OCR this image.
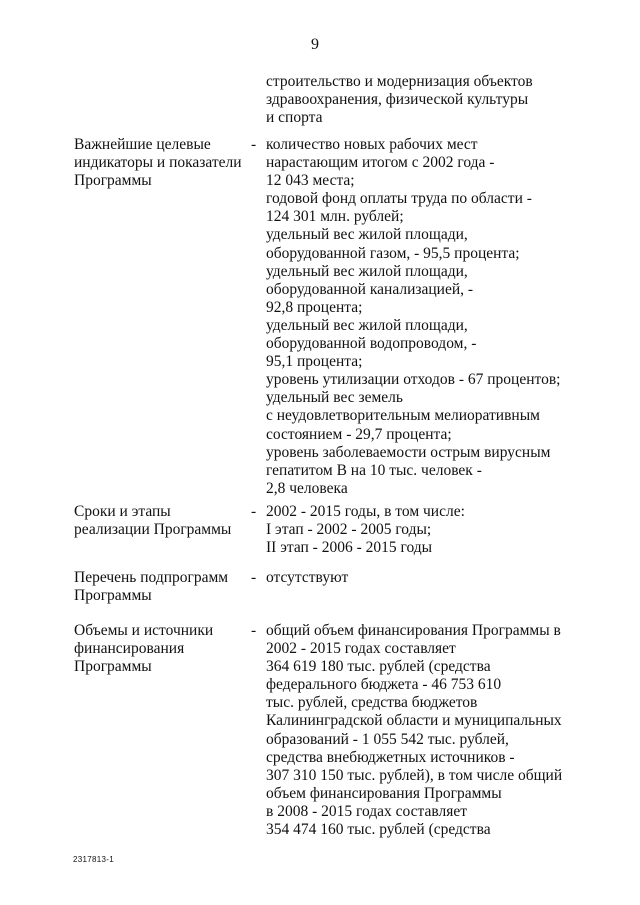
9
строительство и модернизация объектов
здравоохранения, физической культуры
и спорта
Важнейшие целевые
индикаторы и показатели
Программы
- количество новых рабочих мест
нарастающим итогом с 2002 года -
12 043 места;
годовой фонд оплаты труда по области -
124 301 млн. рублей;
удельный вес жилой площади,
оборудованной газом, - 95,5 процента;
удельный вес жилой площади,
оборудованной канализацией, -
92,8 процента;
удельный вес жилой площади,
оборудованной водопроводом, -
95,1 процента;
уровень утилизации отходов - 67 процентов;
удельный вес земель
с неудовлетворительным мелиоративным
состоянием - 29,7 процента;
уровень заболеваемости острым вирусным
гепатитом В на 10 тыс. человек -
2,8 человека
Сроки и этапы
реализации Программы
- 2002 - 2015 годы, в том числе:
I этап - 2002 - 2005 годы;
II этап - 2006 - 2015 годы
Перечень подпрограмм
Программы
- отсутствуют
Объемы и источники
финансирования
Программы
- общий объем финансирования Программы в
2002 - 2015 годах составляет
364 619 180 тыс. рублей (средства
федерального бюджета - 46 753 610
тыс. рублей, средства бюджетов
Калининградской области и муниципальных
образований - 1 055 542 тыс. рублей,
средства внебюджетных источников -
307 310 150 тыс. рублей), в том числе общий
объем финансирования Программы
в 2008 - 2015 годах составляет
354 474 160 тыс. рублей (средства
2317813-1
